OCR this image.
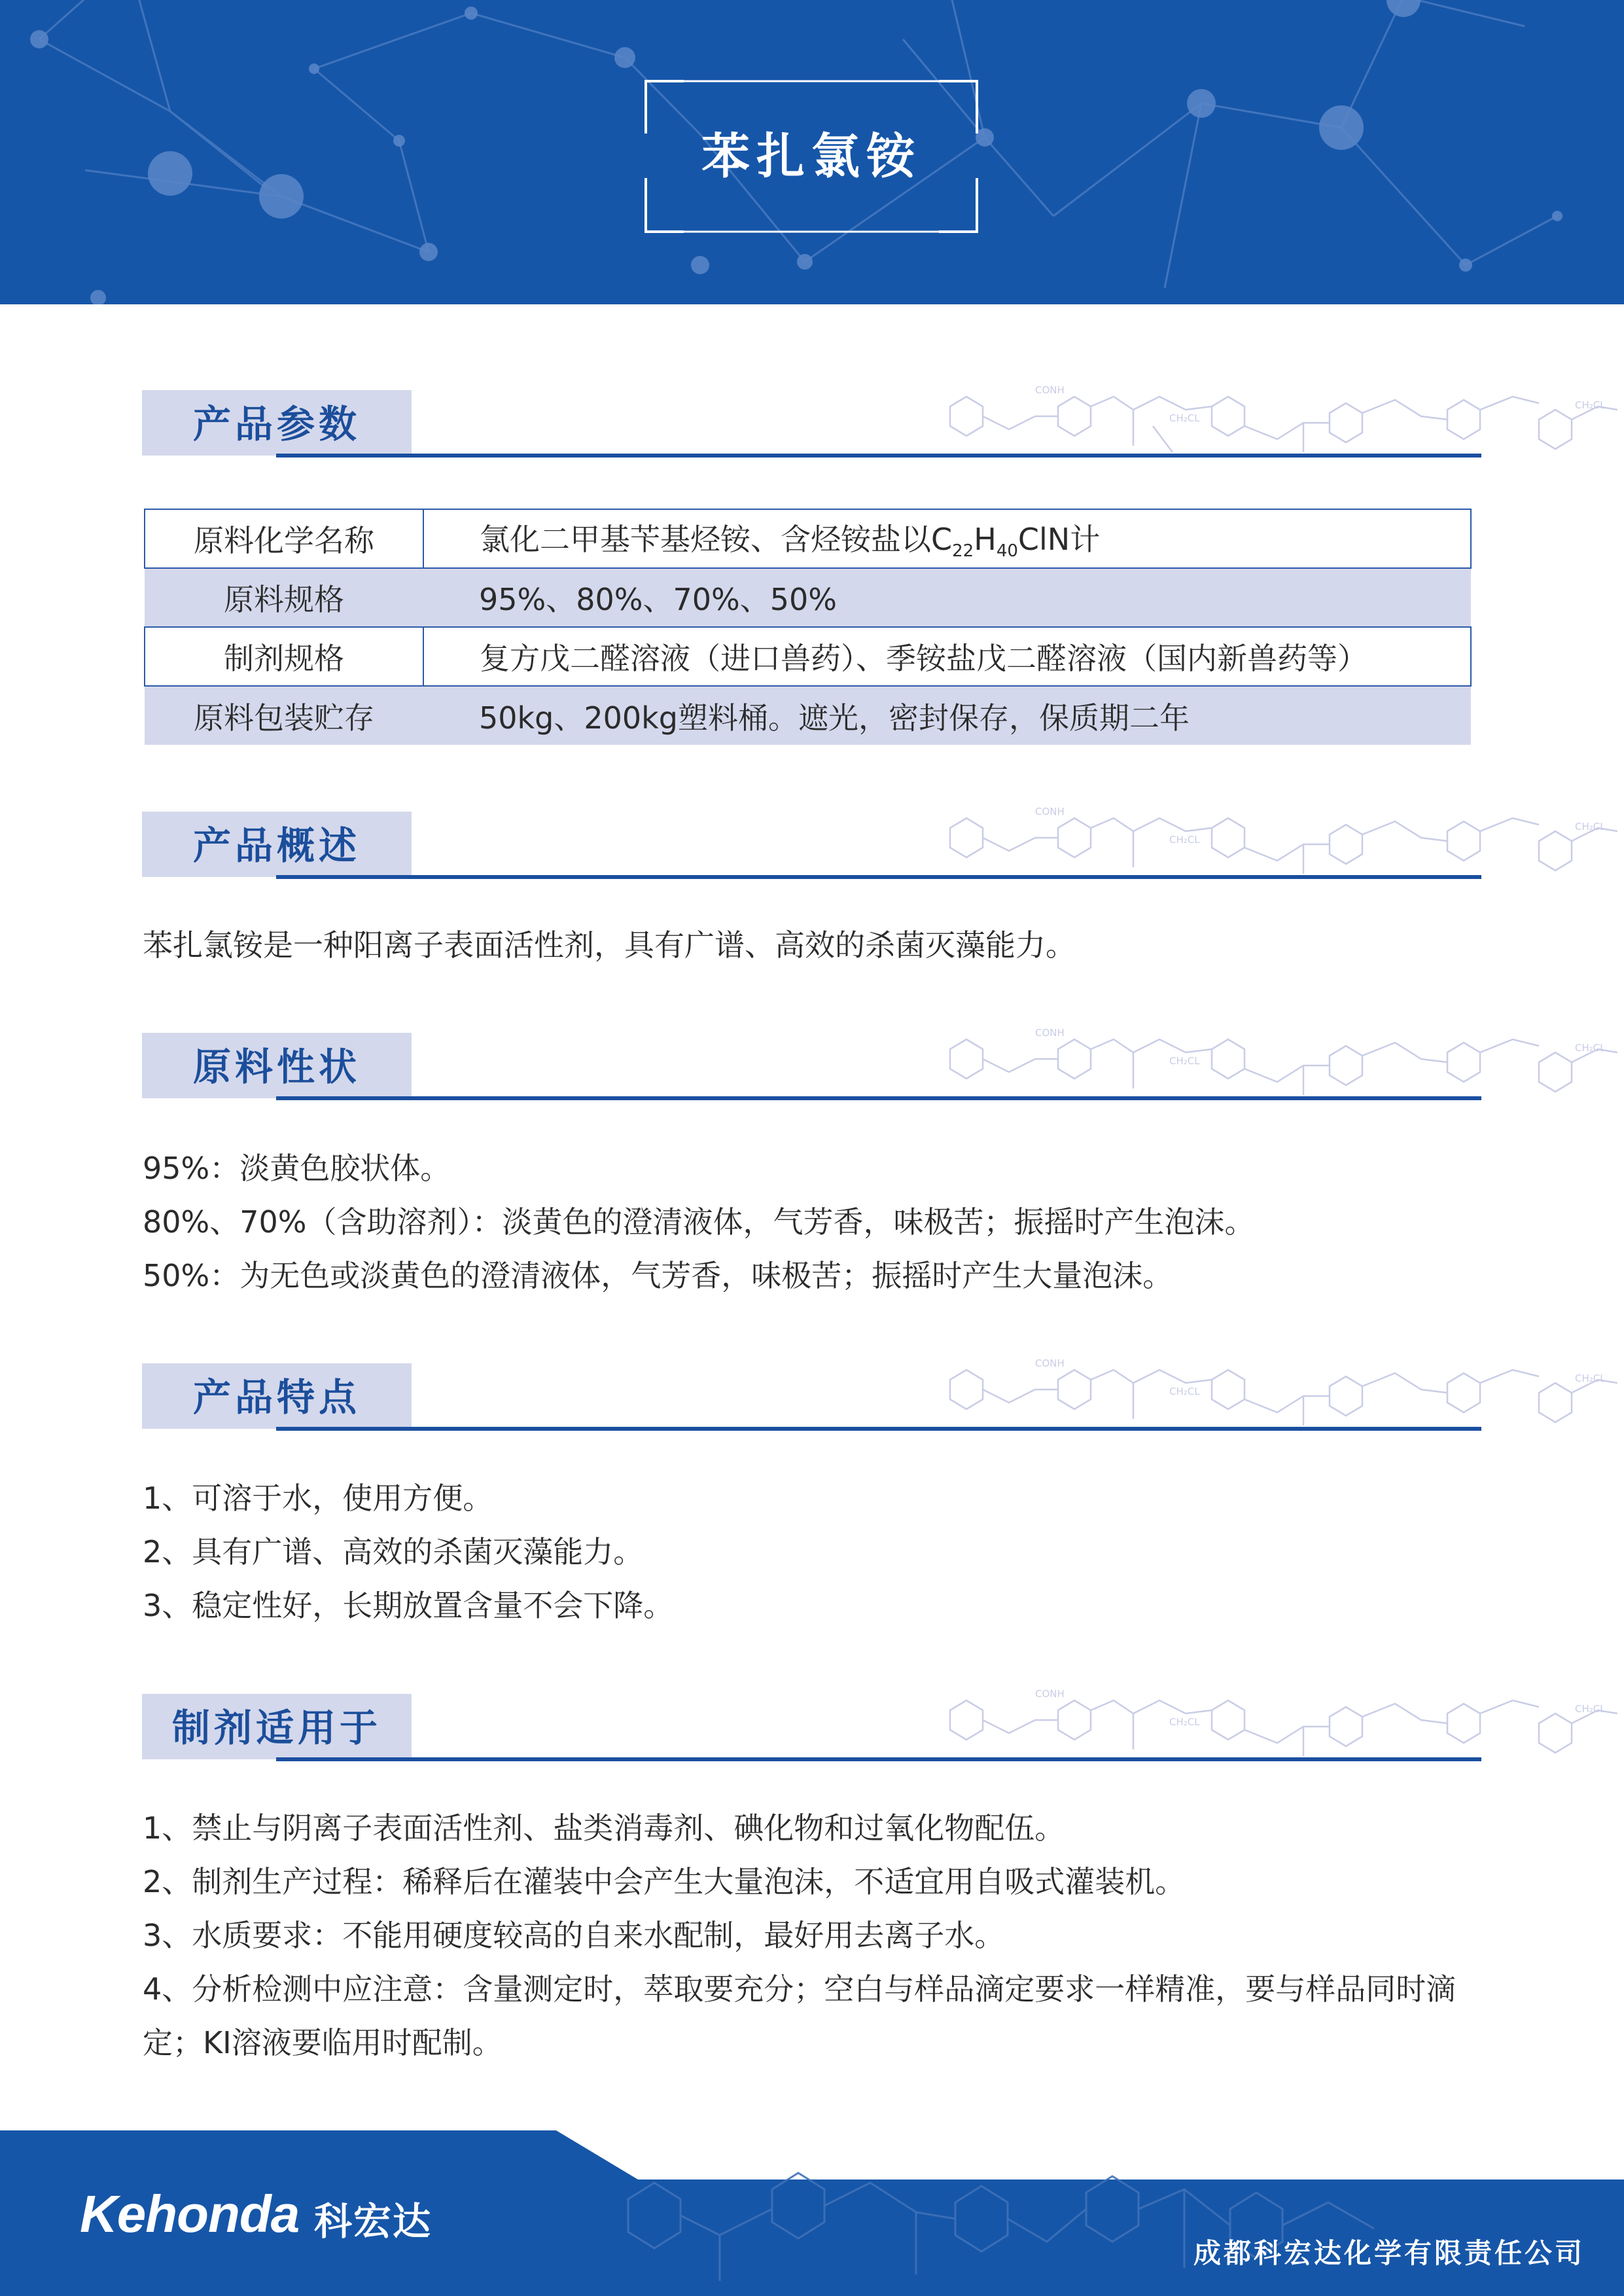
苯扎氯铵
产品参数	CH₂CL
CH₂CL
CONH
原料化学名称	氯化二甲基苄基烃铵、含烃铵盐以$C_{22}H_{40}ClN$计
原料规格	95%、80%、70%、50%
制剂规格	复方戊二醛溶液（进口兽药）、季铵盐戊二醛溶液（国内新兽药等）
原料包装贮存	50kg、200kg塑料桶。遮光，密封保存，保质期二年
产品概述	CH₂CL
CH₂CL
CONH

苯扎氯铵是一种阳离子表面活性剂，具有广谱、高效的杀菌灭藻能力。

原料性状	CH₂CL
CH₂CL
CONH

95%：淡黄色胶状体。

80%、70%（含助溶剂）：淡黄色的澄清液体，气芳香，味极苦；振摇时产生泡沫。

50%：为无色或淡黄色的澄清液体，气芳香，味极苦；振摇时产生大量泡沫。

产品特点	CH₂CL
CH₂CL
CONH

1、可溶于水，使用方便。

2、具有广谱、高效的杀菌灭藻能力。

3、稳定性好，长期放置含量不会下降。

制剂适用于	CH₂CL
CH₂CL
CONH

1、禁止与阴离子表面活性剂、盐类消毒剂、碘化物和过氧化物配伍。

2、制剂生产过程：稀释后在灌装中会产生大量泡沫，不适宜用自吸式灌装机。

3、水质要求：不能用硬度较高的自来水配制，最好用去离子水。

4、分析检测中应注意：含量测定时，萃取要充分；空白与样品滴定要求一样精准，要与样品同时滴定；KI溶液要临用时配制。

Kehonda 科宏达
成都科宏达化学有限责任公司
